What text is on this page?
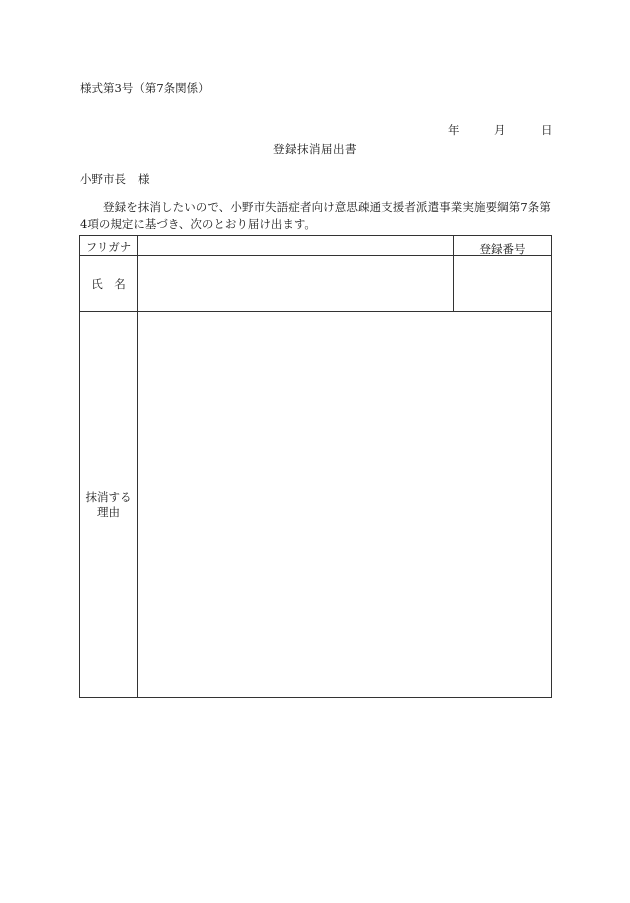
様式第3号（第7条関係）
年	月	日
登録抹消届出書
小野市長 様
登録を抹消したいので、小野市失語症者向け意思疎通支援者派遣事業実施要綱第7条第
4項の規定に基づき、次のとおり届け出ます。
フリガナ	登録番号
氏　名
抹消する
理由
